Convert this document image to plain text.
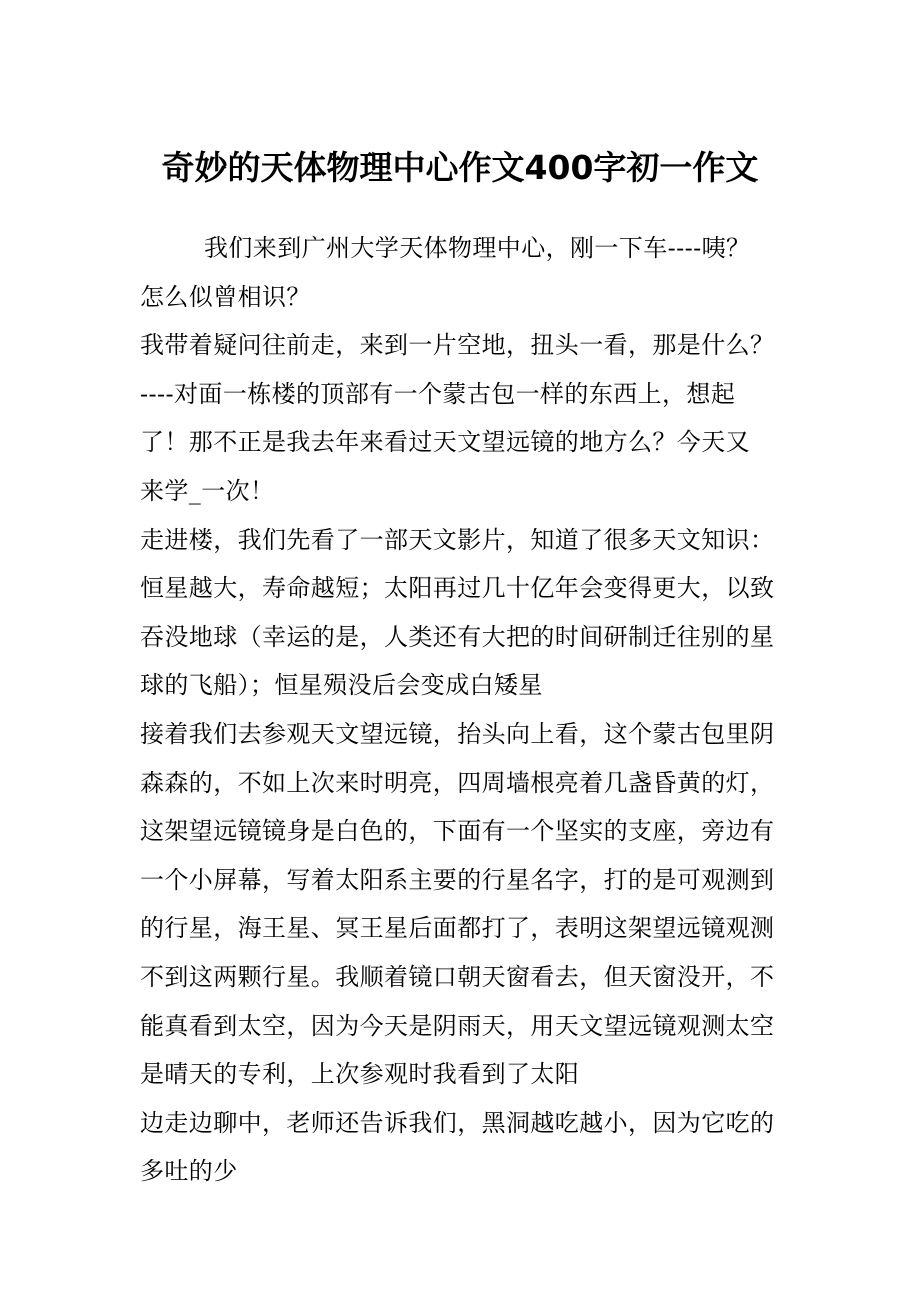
奇妙的天体物理中心作文400字初一作文
我们来到广州大学天体物理中心，刚一下车----咦？
怎么似曾相识？
我带着疑问往前走，来到一片空地，扭头一看，那是什么？
----对面一栋楼的顶部有一个蒙古包一样的东西上，想起
了！那不正是我去年来看过天文望远镜的地方么？今天又
来学_一次！
走进楼，我们先看了一部天文影片，知道了很多天文知识：
恒星越大，寿命越短；太阳再过几十亿年会变得更大，以致
吞没地球（幸运的是，人类还有大把的时间研制迁往别的星
球的飞船）；恒星殒没后会变成白矮星
接着我们去参观天文望远镜，抬头向上看，这个蒙古包里阴
森森的，不如上次来时明亮，四周墙根亮着几盏昏黄的灯，
这架望远镜镜身是白色的，下面有一个坚实的支座，旁边有
一个小屏幕，写着太阳系主要的行星名字，打的是可观测到
的行星，海王星、冥王星后面都打了，表明这架望远镜观测
不到这两颗行星。我顺着镜口朝天窗看去，但天窗没开，不
能真看到太空，因为今天是阴雨天，用天文望远镜观测太空
是晴天的专利，上次参观时我看到了太阳
边走边聊中，老师还告诉我们，黑洞越吃越小，因为它吃的
多吐的少
